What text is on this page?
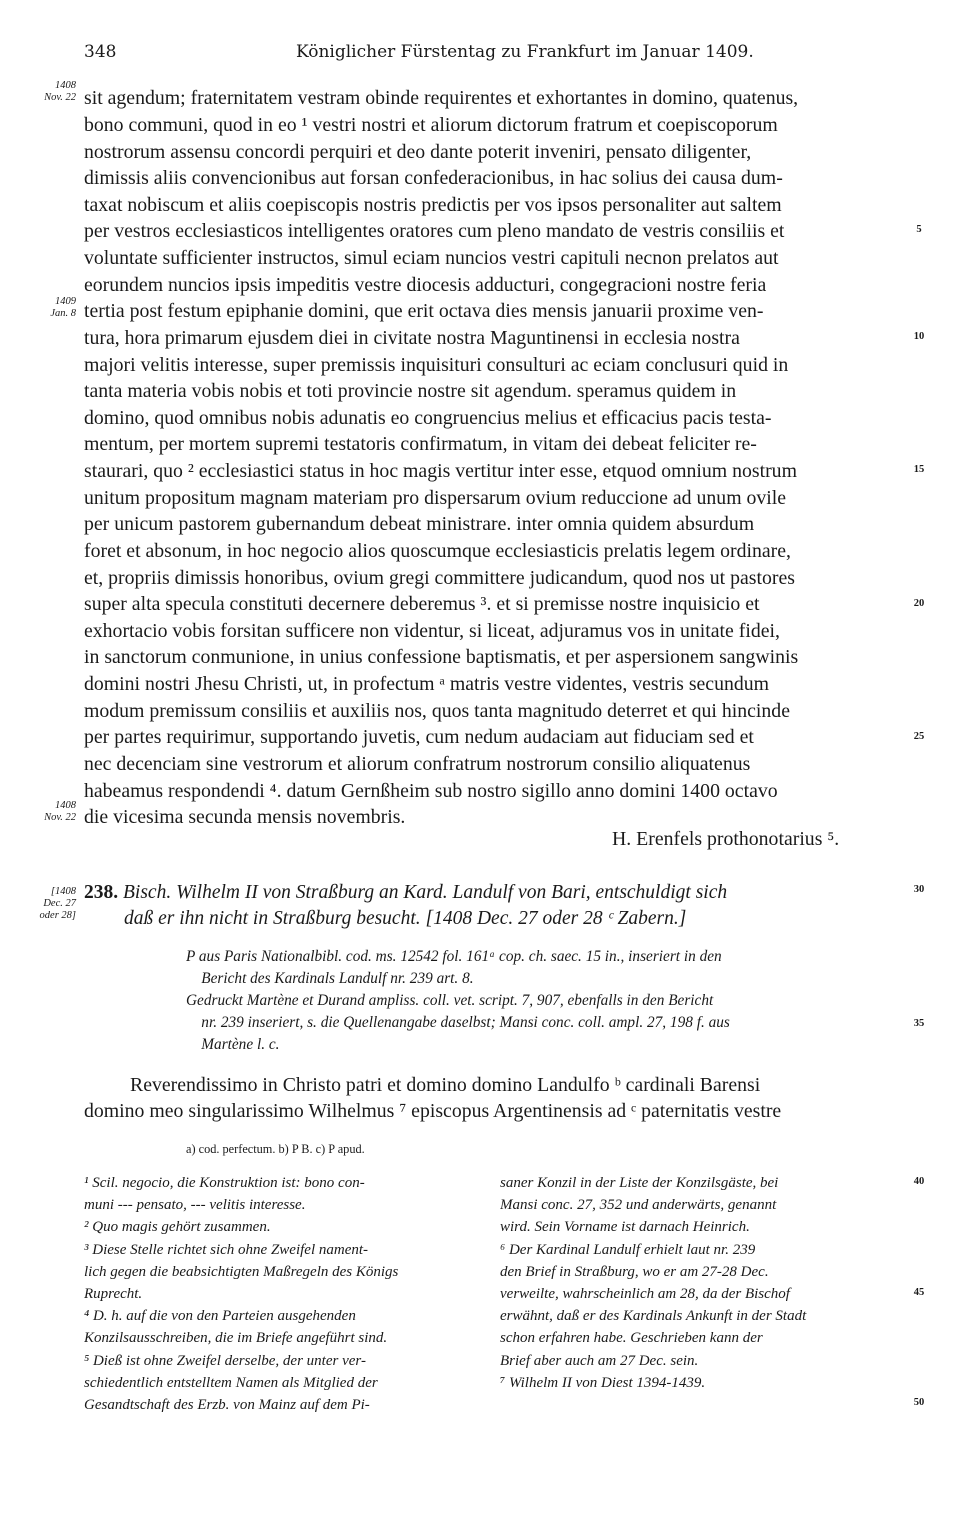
348	Königlicher Fürstentag zu Frankfurt im Januar 1409.
1408
Nov. 22
1409
Jan. 8
1408
Nov. 22
[1408
Dec. 27
oder 28]
5
10
15
20
25
30
35
40
45
50
sit agendum; fraternitatem vestram obinde requirentes et exhortantes in domino, quatenus,
bono communi, quod in eo ¹ vestri nostri et aliorum dictorum fratrum et coepiscoporum
nostrorum assensu concordi perquiri et deo dante poterit inveniri, pensato diligenter,
dimissis aliis convencionibus aut forsan confederacionibus, in hac solius dei causa dum-
taxat nobiscum et aliis coepiscopis nostris predictis per vos ipsos personaliter aut saltem
per vestros ecclesiasticos intelligentes oratores cum pleno mandato de vestris consiliis et
voluntate sufficienter instructos, simul eciam nuncios vestri capituli necnon prelatos aut
eorundem nuncios ipsis impeditis vestre diocesis adducturi, congegracioni nostre feria
tertia post festum epiphanie domini, que erit octava dies mensis januarii proxime ven-
tura, hora primarum ejusdem diei in civitate nostra Maguntinensi in ecclesia nostra
majori velitis interesse, super premissis inquisituri consulturi ac eciam conclusuri quid in
tanta materia vobis nobis et toti provincie nostre sit agendum. speramus quidem in
domino, quod omnibus nobis adunatis eo congruencius melius et efficacius pacis testa-
mentum, per mortem supremi testatoris confirmatum, in vitam dei debeat feliciter re-
staurari, quo ² ecclesiastici status in hoc magis vertitur inter esse, etquod omnium nostrum
unitum propositum magnam materiam pro dispersarum ovium reduccione ad unum ovile
per unicum pastorem gubernandum debeat ministrare. inter omnia quidem absurdum
foret et absonum, in hoc negocio alios quoscumque ecclesiasticis prelatis legem ordinare,
et, propriis dimissis honoribus, ovium gregi committere judicandum, quod nos ut pastores
super alta specula constituti decernere deberemus ³. et si premisse nostre inquisicio et
exhortacio vobis forsitan sufficere non videntur, si liceat, adjuramus vos in unitate fidei,
in sanctorum conmunione, in unius confessione baptismatis, et per aspersionem sangwinis
domini nostri Jhesu Christi, ut, in profectum ᵃ matris vestre videntes, vestris secundum
modum premissum consiliis et auxiliis nos, quos tanta magnitudo deterret et qui hincinde
per partes requirimur, supportando juvetis, cum nedum audaciam aut fiduciam sed et
nec decenciam sine vestrorum et aliorum confratrum nostrorum consilio aliquatenus
habeamus respondendi ⁴. datum Gernßheim sub nostro sigillo anno domini 1400 octavo
die vicesima secunda mensis novembris.
H. Erenfels prothonotarius ⁵.
238. Bisch. Wilhelm II von Straßburg an Kard. Landulf von Bari, entschuldigt sich
daß er ihn nicht in Straßburg besucht. [1408 Dec. 27 oder 28 ᶜ Zabern.]
P aus Paris Nationalbibl. cod. ms. 12542 fol. 161ᵃ cop. ch. saec. 15 in., inseriert in den
Bericht des Kardinals Landulf nr. 239 art. 8.
Gedruckt Martène et Durand ampliss. coll. vet. script. 7, 907, ebenfalls in den Bericht
nr. 239 inseriert, s. die Quellenangabe daselbst; Mansi conc. coll. ampl. 27, 198 f. aus
Martène l. c.
Reverendissimo in Christo patri et domino domino Landulfo ᵇ cardinali Barensi
domino meo singularissimo Wilhelmus ⁷ episcopus Argentinensis ad ᶜ paternitatis vestre
a) cod. perfectum. b) P B. c) P apud.
¹ Scil. negocio, die Konstruktion ist: bono con-
muni --- pensato, --- velitis interesse.
² Quo magis gehört zusammen.
³ Diese Stelle richtet sich ohne Zweifel nament-
lich gegen die beabsichtigten Maßregeln des Königs
Ruprecht.
⁴ D. h. auf die von den Parteien ausgehenden
Konzilsausschreiben, die im Briefe angeführt sind.
⁵ Dieß ist ohne Zweifel derselbe, der unter ver-
schiedentlich entstelltem Namen als Mitglied der
Gesandtschaft des Erzb. von Mainz auf dem Pi-
saner Konzil in der Liste der Konzilsgäste, bei
Mansi conc. 27, 352 und anderwärts, genannt
wird. Sein Vorname ist darnach Heinrich.
⁶ Der Kardinal Landulf erhielt laut nr. 239
den Brief in Straßburg, wo er am 27-28 Dec.
verweilte, wahrscheinlich am 28, da der Bischof
erwähnt, daß er des Kardinals Ankunft in der Stadt
schon erfahren habe. Geschrieben kann der
Brief aber auch am 27 Dec. sein.
⁷ Wilhelm II von Diest 1394-1439.
